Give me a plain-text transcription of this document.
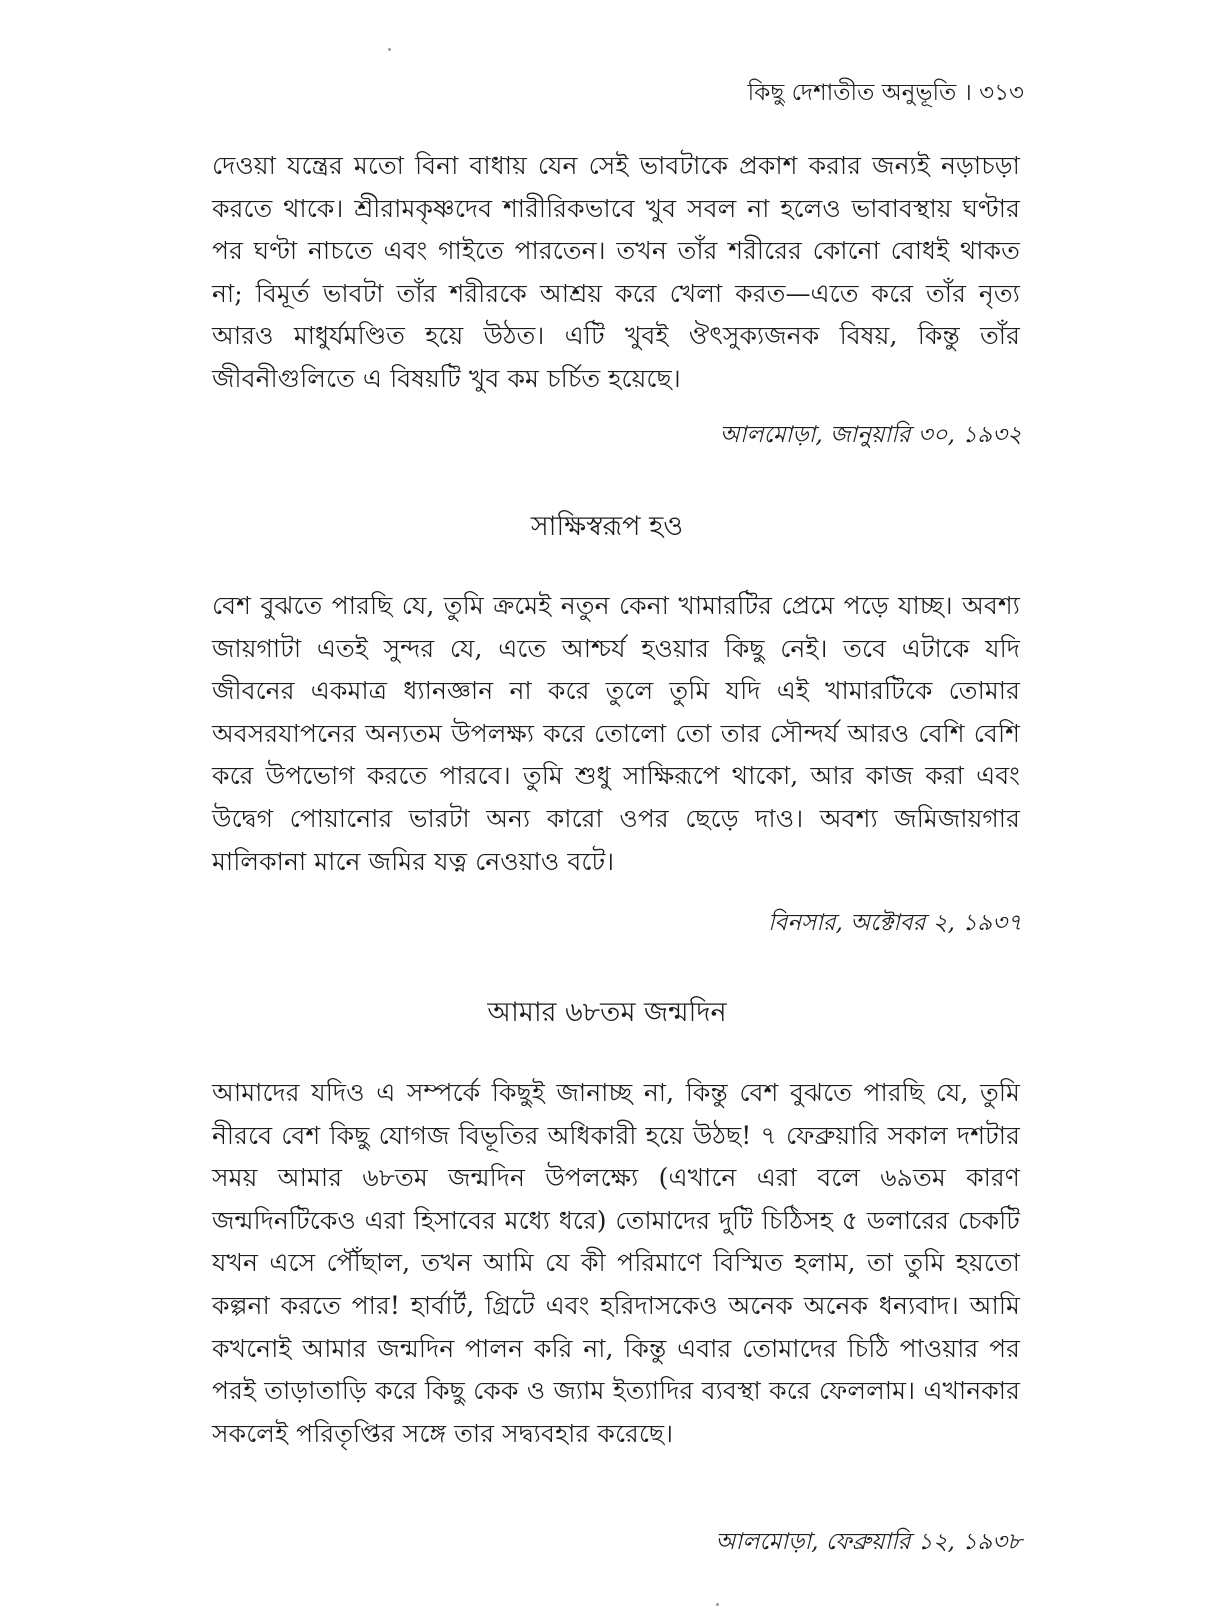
কিছু দেশাতীত অনুভূতি । ৩১৩

দেওয়া যন্ত্রের মতো বিনা বাধায় যেন সেই ভাবটাকে প্রকাশ করার জন্যই নড়াচড়া করতে থাকে। শ্রীরামকৃষ্ণদেব শারীরিকভাবে খুব সবল না হলেও ভাবাবস্থায় ঘণ্টার পর ঘণ্টা নাচতে এবং গাইতে পারতেন। তখন তাঁর শরীরের কোনো বোধই থাকত না; বিমূর্ত ভাবটা তাঁর শরীরকে আশ্রয় করে খেলা করত—এতে করে তাঁর নৃত্য আরও মাধুর্যমণ্ডিত হয়ে উঠত। এটি খুবই ঔৎসুক্যজনক বিষয়, কিন্তু তাঁর জীবনীগুলিতে এ বিষয়টি খুব কম চর্চিত হয়েছে।

আলমোড়া, জানুয়ারি ৩০, ১৯৩২
সাক্ষিস্বরূপ হও

বেশ বুঝতে পারছি যে, তুমি ক্রমেই নতুন কেনা খামারটির প্রেমে পড়ে যাচ্ছ। অবশ্য জায়গাটা এতই সুন্দর যে, এতে আশ্চর্য হওয়ার কিছু নেই। তবে এটাকে যদি জীবনের একমাত্র ধ্যানজ্ঞান না করে তুলে তুমি যদি এই খামারটিকে তোমার অবসরযাপনের অন্যতম উপলক্ষ্য করে তোলো তো তার সৌন্দর্য আরও বেশি বেশি করে উপভোগ করতে পারবে। তুমি শুধু সাক্ষিরূপে থাকো, আর কাজ করা এবং উদ্বেগ পোয়ানোর ভারটা অন্য কারো ওপর ছেড়ে দাও। অবশ্য জমিজায়গার মালিকানা মানে জমির যত্ন নেওয়াও বটে।

বিনসার, অক্টোবর ২, ১৯৩৭
আমার ৬৮তম জন্মদিন

আমাদের যদিও এ সম্পর্কে কিছুই জানাচ্ছ না, কিন্তু বেশ বুঝতে পারছি যে, তুমি নীরবে বেশ কিছু যোগজ বিভূতির অধিকারী হয়ে উঠছ! ৭ ফেব্রুয়ারি সকাল দশটার সময় আমার ৬৮তম জন্মদিন উপলক্ষ্যে (এখানে এরা বলে ৬৯তম কারণ জন্মদিনটিকেও এরা হিসাবের মধ্যে ধরে) তোমাদের দুটি চিঠিসহ ৫ ডলারের চেকটি যখন এসে পৌঁছাল, তখন আমি যে কী পরিমাণে বিস্মিত হলাম, তা তুমি হয়তো কল্পনা করতে পার! হার্বার্ট, গ্রিটে এবং হরিদাসকেও অনেক অনেক ধন্যবাদ। আমি কখনোই আমার জন্মদিন পালন করি না, কিন্তু এবার তোমাদের চিঠি পাওয়ার পর পরই তাড়াতাড়ি করে কিছু কেক ও জ্যাম ইত্যাদির ব্যবস্থা করে ফেললাম। এখানকার সকলেই পরিতৃপ্তির সঙ্গে তার সদ্ব্যবহার করেছে।

আলমোড়া, ফেব্রুয়ারি ১২, ১৯৩৮
